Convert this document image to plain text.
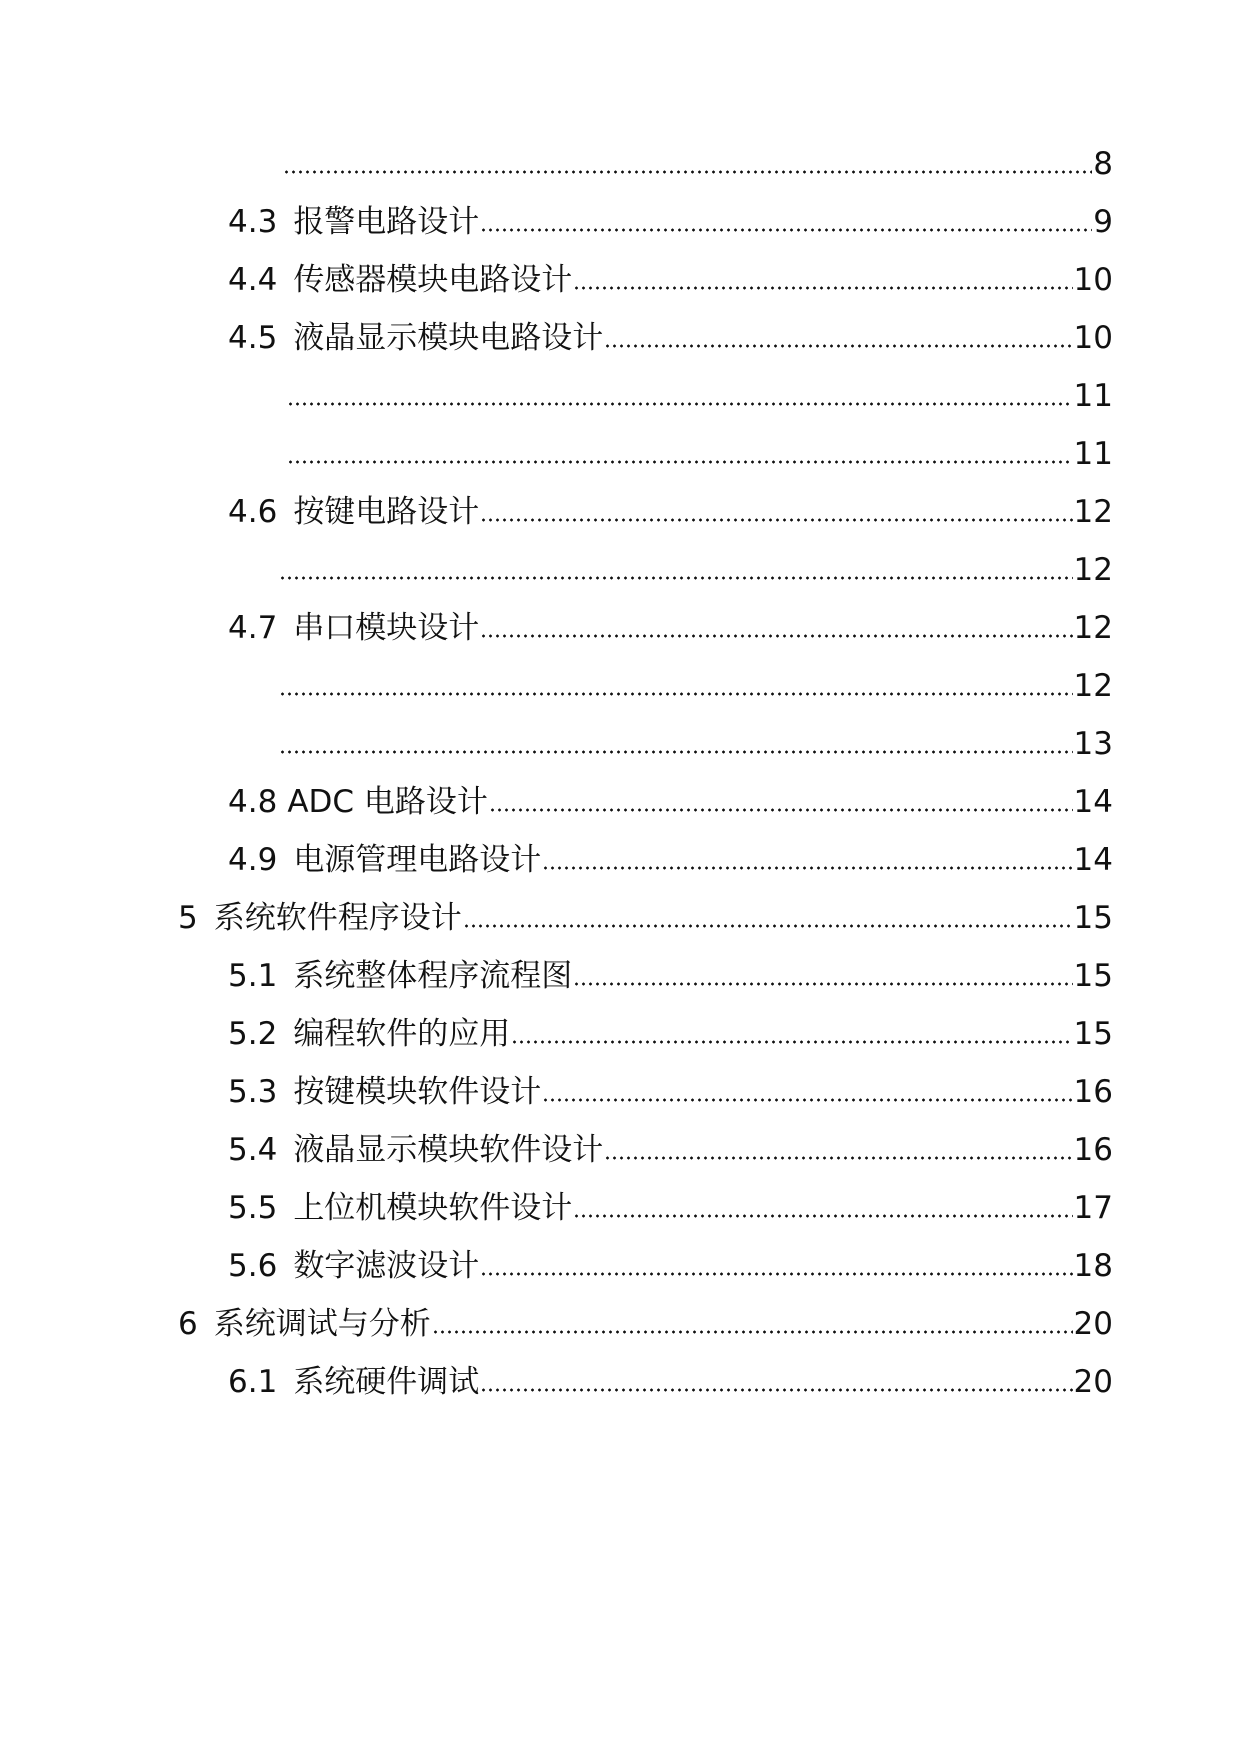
8
4.3 报警电路设计	9
4.4 传感器模块电路设计	10
4.5 液晶显示模块电路设计	10
11
11
4.6 按键电路设计	12
12
4.7 串口模块设计	12
12
13
4.8 ADC 电路设计	14
4.9 电源管理电路设计	14
5 系统软件程序设计	15
5.1 系统整体程序流程图	15
5.2 编程软件的应用	15
5.3 按键模块软件设计	16
5.4 液晶显示模块软件设计	16
5.5 上位机模块软件设计	17
5.6 数字滤波设计	18
6 系统调试与分析	20
6.1 系统硬件调试	20
